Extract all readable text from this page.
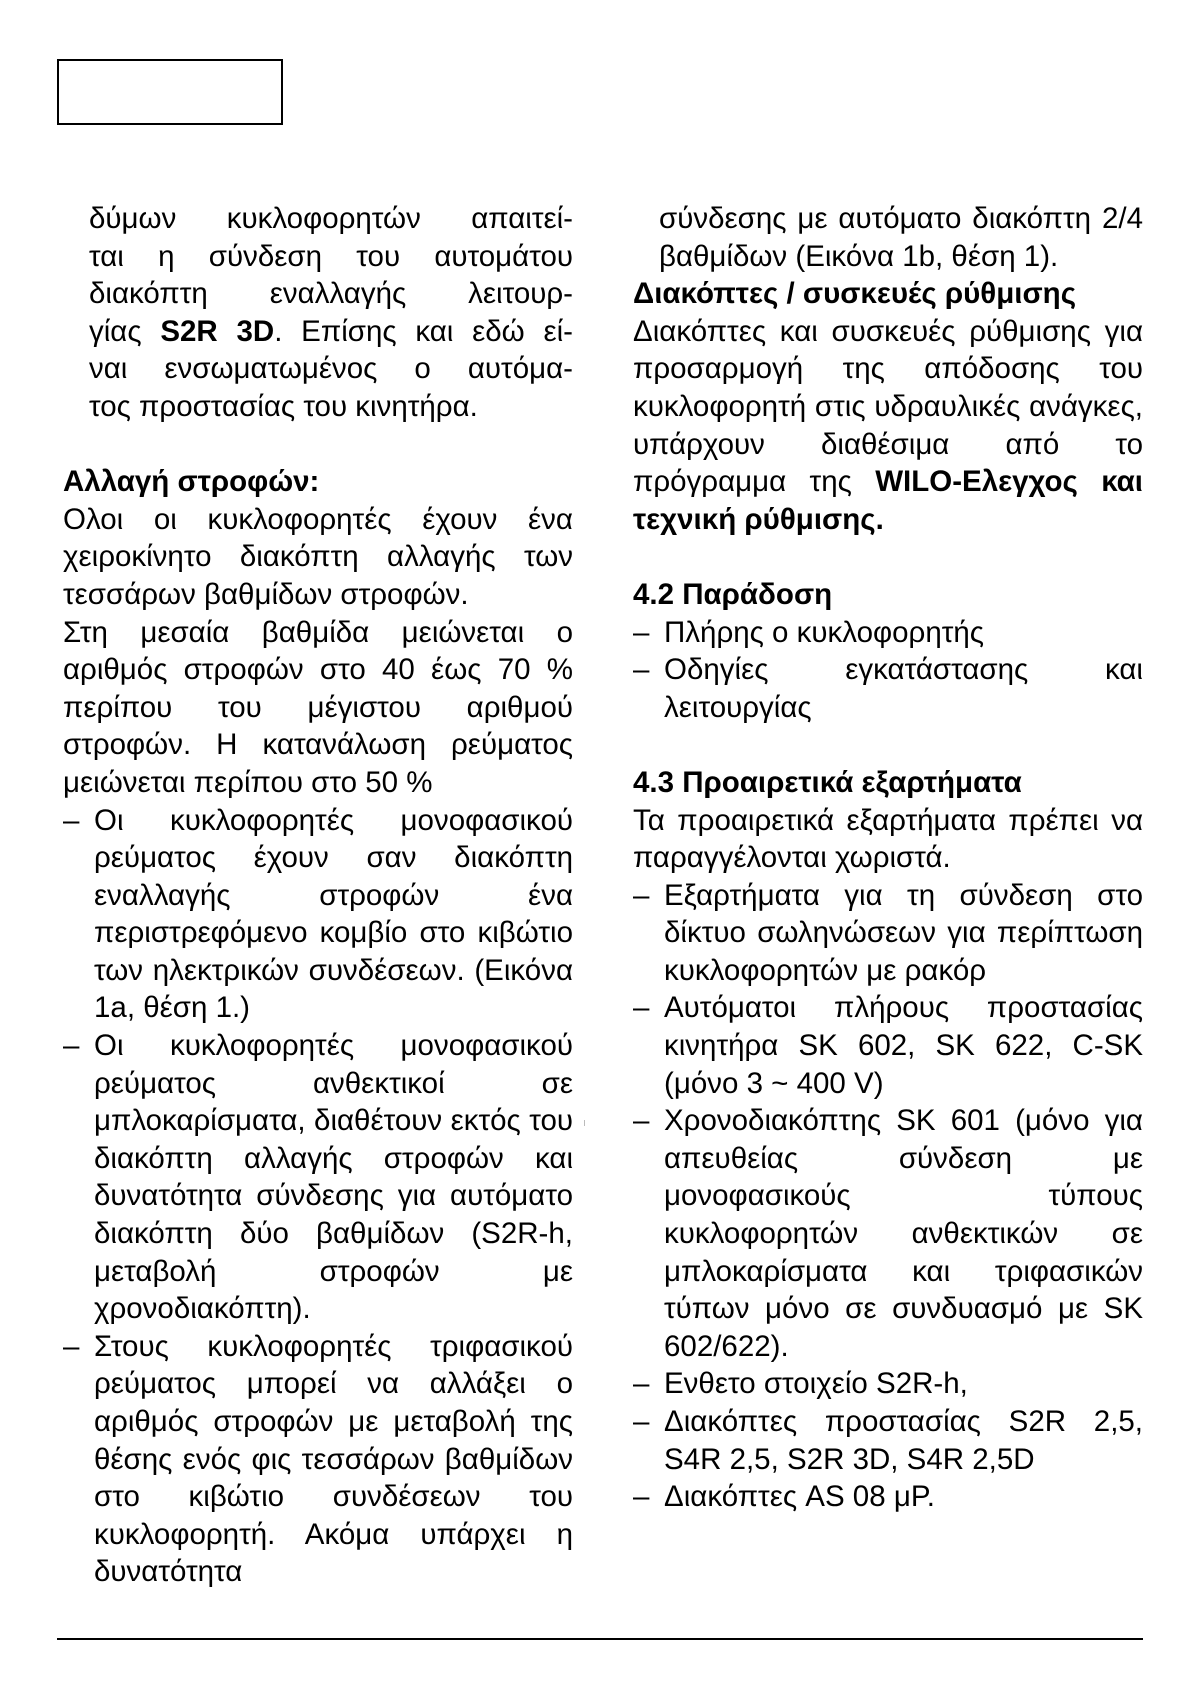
δύμων κυκλοφορητών απαιτεί-
ται η σύνδεση του αυτομάτου
διακόπτη εναλλαγής λειτουρ-
γίας S2R 3D. Επίσης και εδώ εί-
ναι ενσωματωμένος ο αυτόμα-
τος προστασίας του κινητήρα.
Αλλαγή στροφών:

Ολοι οι κυκλοφορητές έχουν ένα χειροκίνητο διακόπτη αλλαγής των τεσσάρων βαθμίδων στροφών.

Στη μεσαία βαθμίδα μειώνεται ο αριθμός στροφών στο 40 έως 70 % περίπου του μέγιστου αριθμού στροφών. Η κατανάλωση ρεύματος μειώνεται περίπου στο 50 %

– Οι κυκλοφορητές μονοφασικού ρεύματος έχουν σαν διακόπτη εναλλαγής στροφών ένα περιστρεφόμενο κομβίο στο κιβώτιο των ηλεκτρικών συνδέσεων. (Εικόνα 1a, θέση 1.)
– Οι κυκλοφορητές μονοφασικού ρεύματος ανθεκτικοί σε μπλοκαρίσματα, διαθέτουν εκτός του διακόπτη αλλαγής στροφών και δυνατότητα σύνδεσης για αυτόματο διακόπτη δύο βαθμίδων (S2R-h, μεταβολή στροφών με χρονοδιακόπτη).
– Στους κυκλοφορητές τριφασικού ρεύματος μπορεί να αλλάξει ο αριθμός στροφών με μεταβολή της θέσης ενός φις τεσσάρων βαθμίδων στο κιβώτιο συνδέσεων του κυκλοφορητή. Ακόμα υπάρχει η δυνατότητα

σύνδεσης με αυτόματο διακόπτη 2/4 βαθμίδων (Εικόνα 1b, θέση 1).

Διακόπτες / συσκευές ρύθμισης

Διακόπτες και συσκευές ρύθμισης για προσαρμογή της απόδοσης του κυκλοφορητή στις υδραυλικές ανάγκες, υπάρχουν διαθέσιμα από το πρόγραμμα της WILO-Ελεγχος και τεχνική ρύθμισης.

4.2 Παράδοση
– Πλήρης ο κυκλοφορητής
– Οδηγίες εγκατάστασης και λειτουργίας
4.3 Προαιρετικά εξαρτήματα

Τα προαιρετικά εξαρτήματα πρέπει να παραγγέλονται χωριστά.

– Εξαρτήματα για τη σύνδεση στο δίκτυο σωληνώσεων για περίπτωση κυκλοφορητών με ρακόρ
– Αυτόματοι πλήρους προστασίας κινητήρα SK 602, SK 622, C-SK (μόνο 3 ~ 400 V)
– Χρονοδιακόπτης SK 601 (μόνο για απευθείας σύνδεση με μονοφασικούς τύπους κυκλοφορητών ανθεκτικών σε μπλοκαρίσματα και τριφασικών τύπων μόνο σε συνδυασμό με SK 602/622).
– Ενθετο στοιχείο S2R-h,
– Διακόπτες προστασίας S2R 2,5, S4R 2,5, S2R 3D, S4R 2,5D
– Διακόπτες AS 08 μP.
